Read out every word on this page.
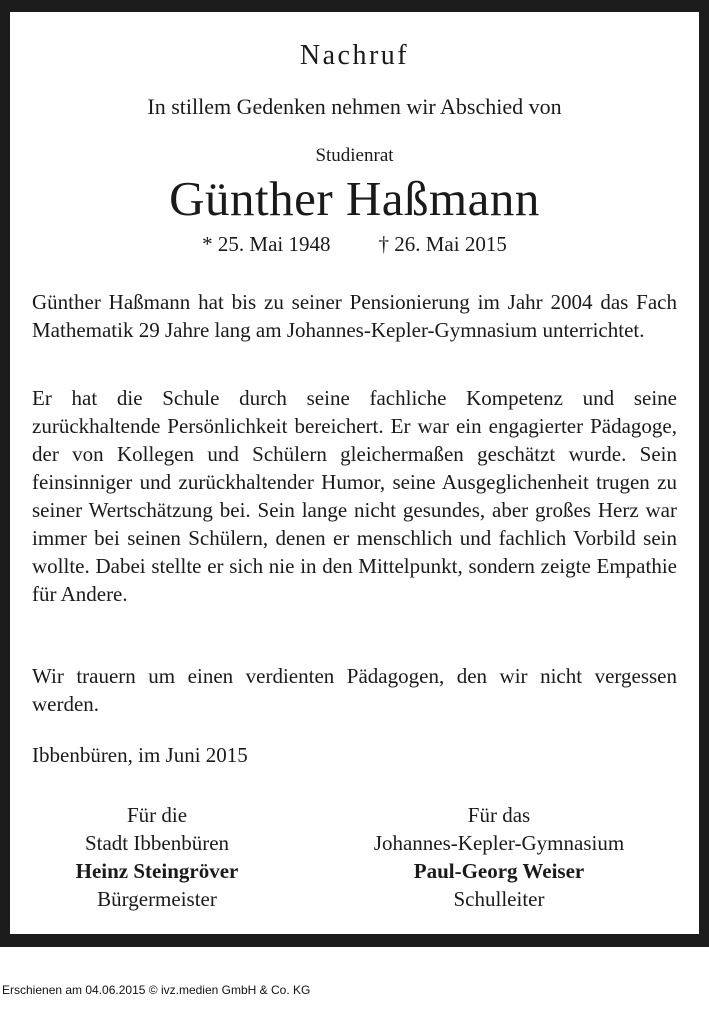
Nachruf
In stillem Gedenken nehmen wir Abschied von
Studienrat
Günther Haßmann
* 25. Mai 1948 † 26. Mai 2015
Günther Haßmann hat bis zu seiner Pensionierung im Jahr 2004 das Fach Mathematik 29 Jahre lang am Johannes-Kepler-Gymnasium unterrichtet.
Er hat die Schule durch seine fachliche Kompetenz und seine zurückhaltende Persönlichkeit bereichert. Er war ein engagierter Pädagoge, der von Kollegen und Schülern gleichermaßen geschätzt wurde. Sein feinsinniger und zurückhaltender Humor, seine Ausgeglichenheit trugen zu seiner Wertschätzung bei. Sein lange nicht gesundes, aber großes Herz war immer bei seinen Schülern, denen er menschlich und fachlich Vorbild sein wollte. Dabei stellte er sich nie in den Mittelpunkt, sondern zeigte Empathie für Andere.
Wir trauern um einen verdienten Pädagogen, den wir nicht vergessen werden.
Ibbenbüren, im Juni 2015
Für die
Stadt Ibbenbüren
Heinz Steingröver
Bürgermeister
Für das
Johannes-Kepler-Gymnasium
Paul-Georg Weiser
Schulleiter
Erschienen am 04.06.2015 © ivz.medien GmbH & Co. KG
